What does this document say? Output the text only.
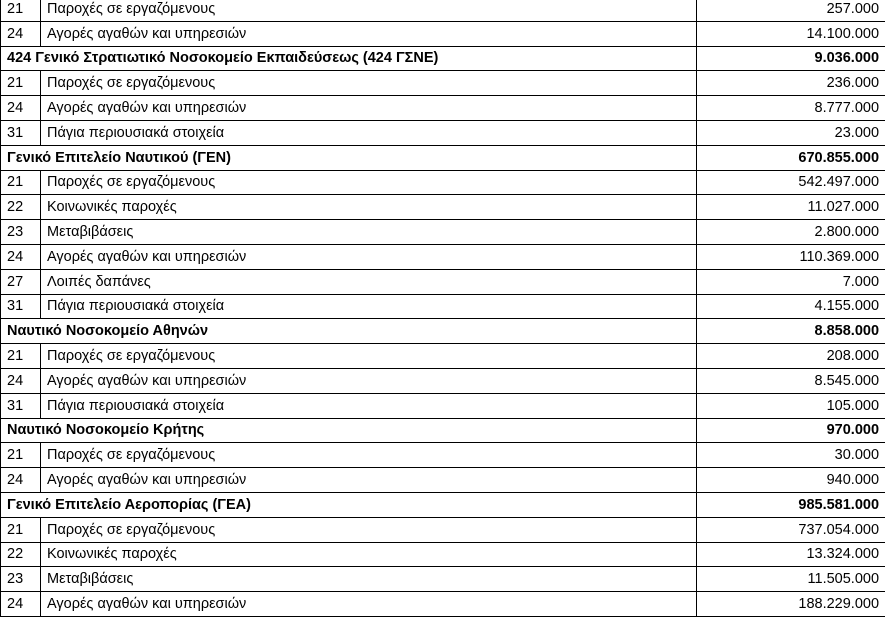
21	Παροχές σε εργαζόμενους	257.000
24	Αγορές αγαθών και υπηρεσιών	14.100.000
424 Γενικό Στρατιωτικό Νοσοκομείο Εκπαιδεύσεως (424 ΓΣΝΕ)		9.036.000
21	Παροχές σε εργαζόμενους	236.000
24	Αγορές αγαθών και υπηρεσιών	8.777.000
31	Πάγια περιουσιακά στοιχεία	23.000
Γενικό Επιτελείο Ναυτικού (ΓΕΝ)		670.855.000
21	Παροχές σε εργαζόμενους	542.497.000
22	Κοινωνικές παροχές	11.027.000
23	Μεταβιβάσεις	2.800.000
24	Αγορές αγαθών και υπηρεσιών	110.369.000
27	Λοιπές δαπάνες	7.000
31	Πάγια περιουσιακά στοιχεία	4.155.000
Ναυτικό Νοσοκομείο Αθηνών		8.858.000
21	Παροχές σε εργαζόμενους	208.000
24	Αγορές αγαθών και υπηρεσιών	8.545.000
31	Πάγια περιουσιακά στοιχεία	105.000
Ναυτικό Νοσοκομείο Κρήτης		970.000
21	Παροχές σε εργαζόμενους	30.000
24	Αγορές αγαθών και υπηρεσιών	940.000
Γενικό Επιτελείο Αεροπορίας (ΓΕΑ)		985.581.000
21	Παροχές σε εργαζόμενους	737.054.000
22	Κοινωνικές παροχές	13.324.000
23	Μεταβιβάσεις	11.505.000
24	Αγορές αγαθών και υπηρεσιών	188.229.000
